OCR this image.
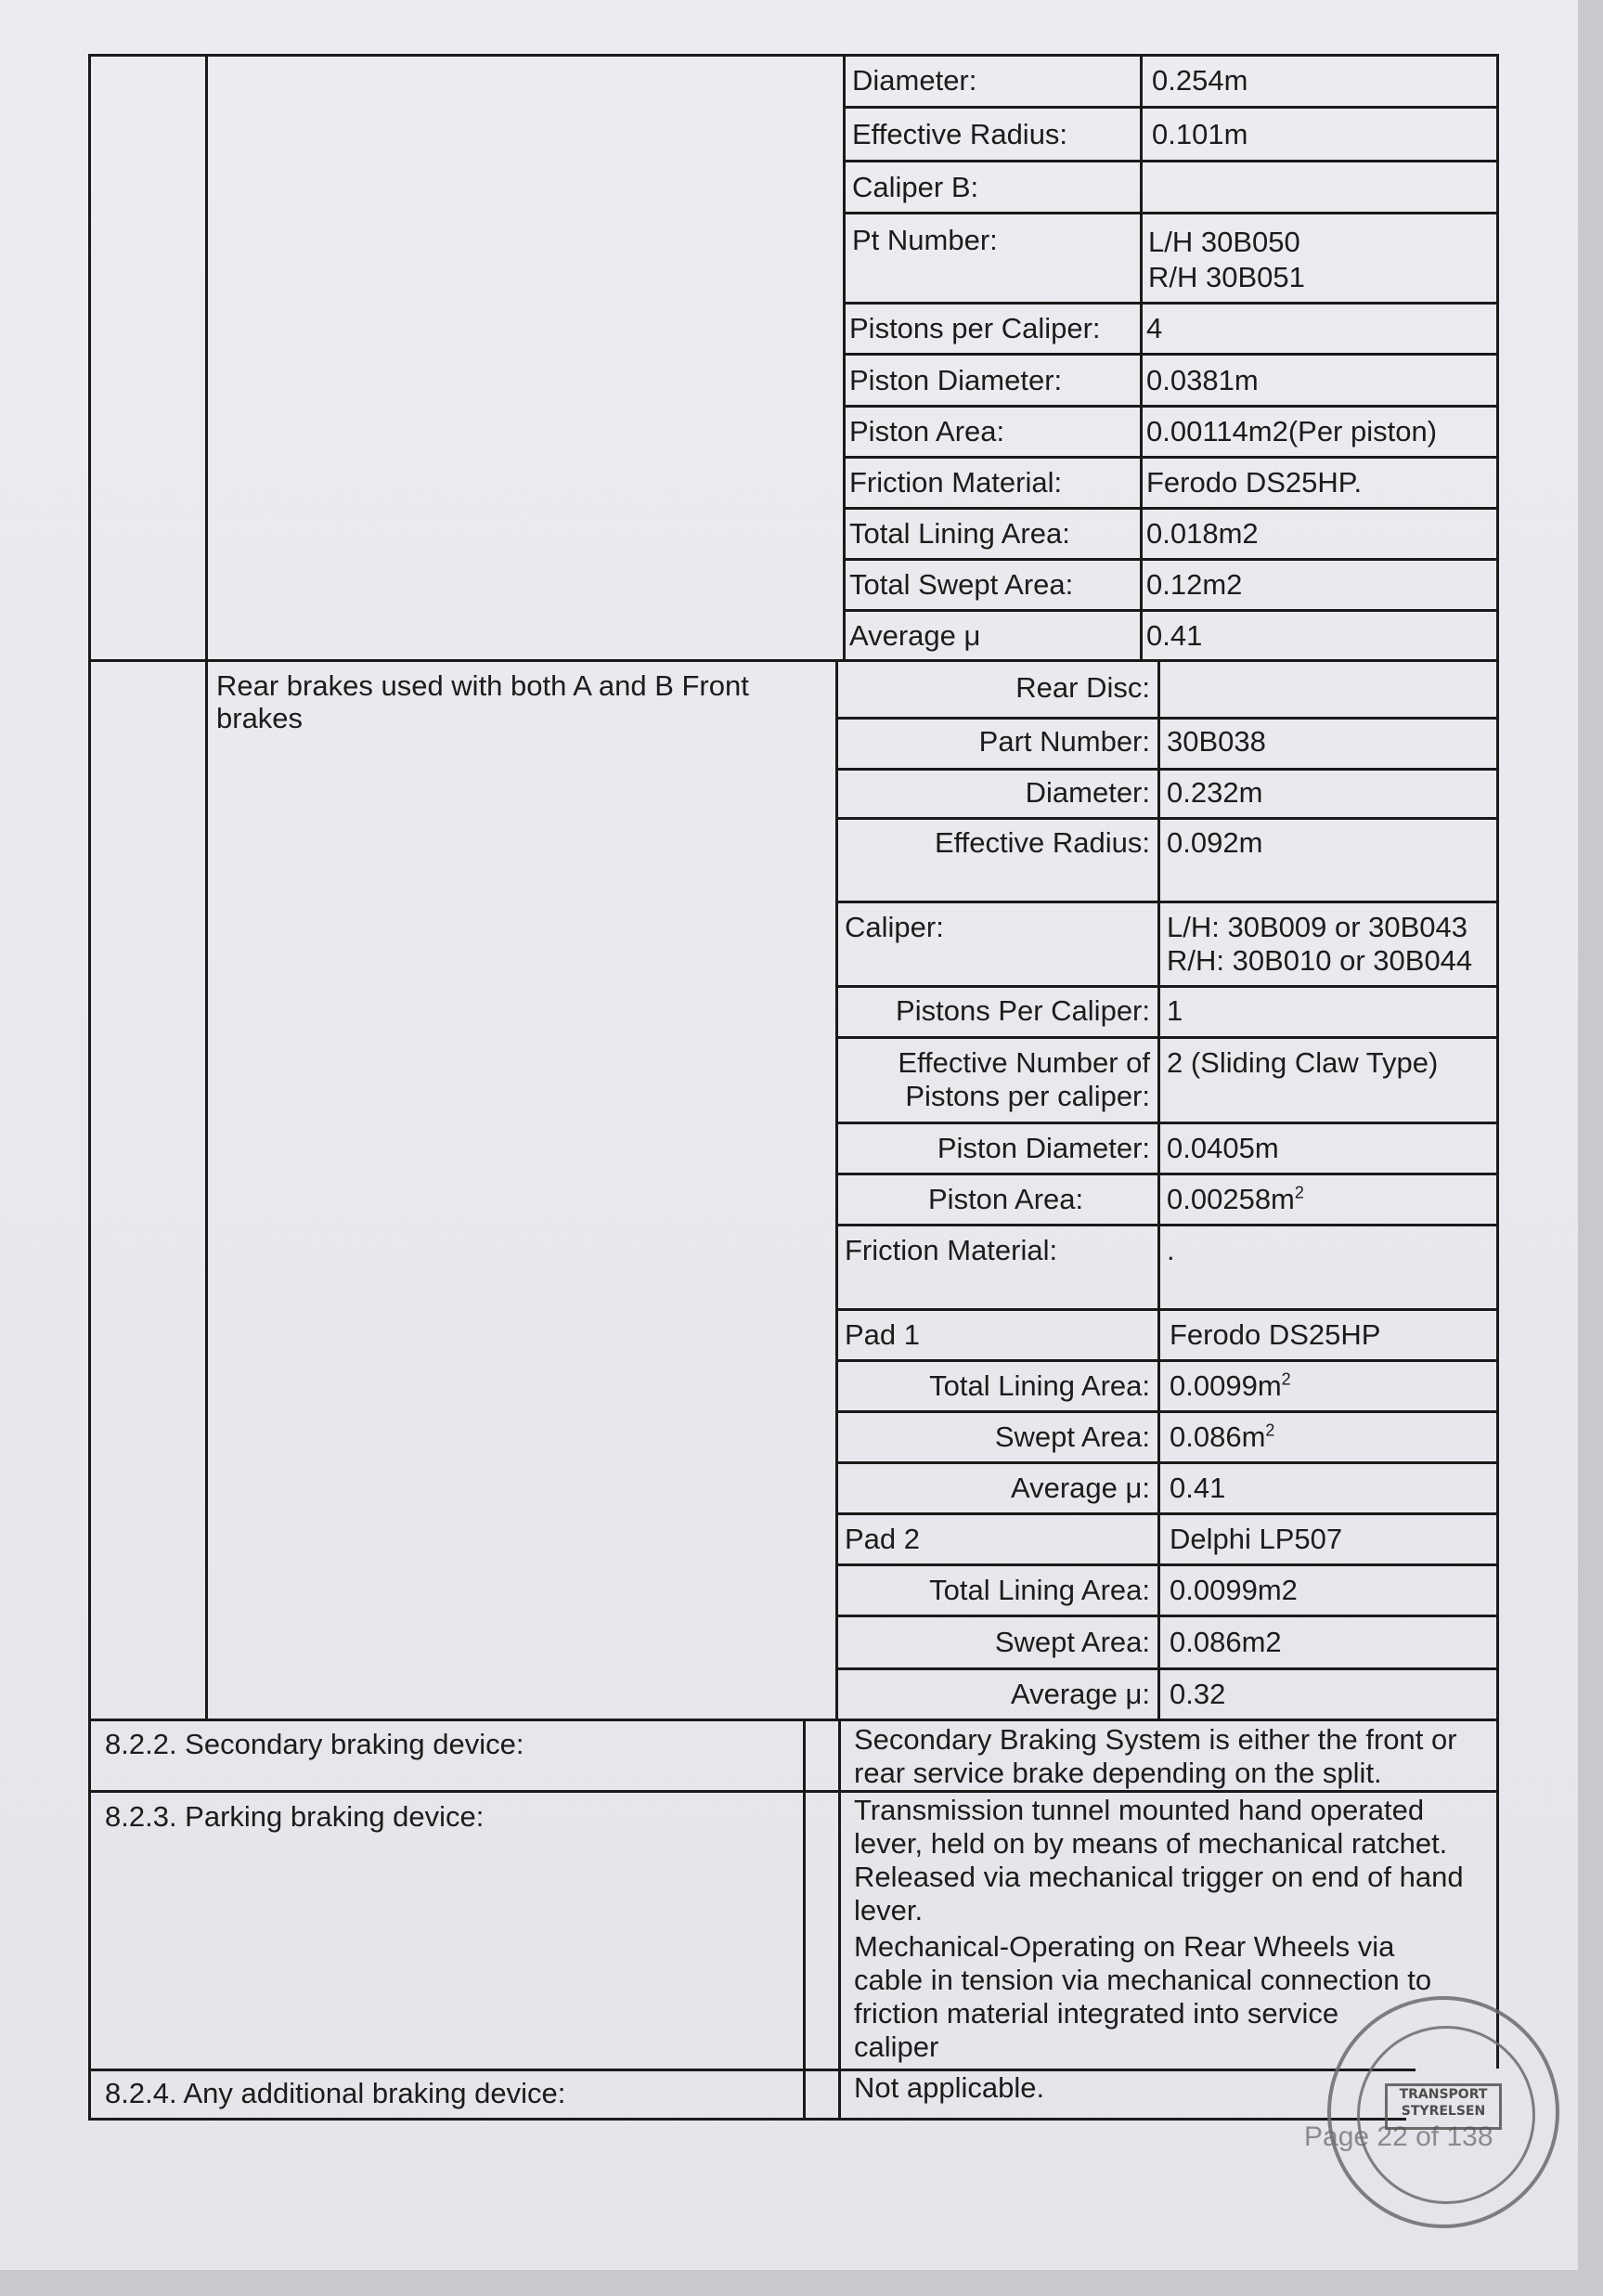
Diameter:	0.254m
Effective Radius:	0.101m
Caliper B:
Pt Number:	L/H 30B050
R/H 30B051
Pistons per Caliper: 4
Piston Diameter:	0.0381m
Piston Area:	0.00114m2(Per piston)
Friction Material:	Ferodo DS25HP.
Total Lining Area:	0.018m2
Total Swept Area:	0.12m2
Average μ	0.41
Rear brakes used with both A and B Front
brakes
Rear Disc:
Part Number: 30B038
Diameter: 0.232m
Effective Radius: 0.092m
Caliper:	L/H: 30B009 or 30B043
R/H: 30B010 or 30B044
Pistons Per Caliper: 1
Effective Number of
Pistons per caliper:
2 (Sliding Claw Type)
Piston Diameter: 0.0405m
Piston Area:	$0.00258m^2$
Friction Material:	.
Pad 1	Ferodo DS25HP
Total Lining Area: $0.0099m^2$
Swept Area: $0.086m^2$
Average μ: 0.41
Pad 2	Delphi LP507
Total Lining Area: 0.0099m2
Swept Area: 0.086m2
Average μ: 0.32
8.2.2. Secondary braking device:	Secondary Braking System is either the front or
rear service brake depending on the split.
8.2.3. Parking braking device:	Transmission tunnel mounted hand operated
lever, held on by means of mechanical ratchet.
Released via mechanical trigger on end of hand
lever.
Mechanical-Operating on Rear Wheels via
cable in tension via mechanical connection to
friction material integrated into service
caliper
8.2.4. Any additional braking device:	Not applicable.
Page 22 of 138
TRANSPORT STYRELSEN
